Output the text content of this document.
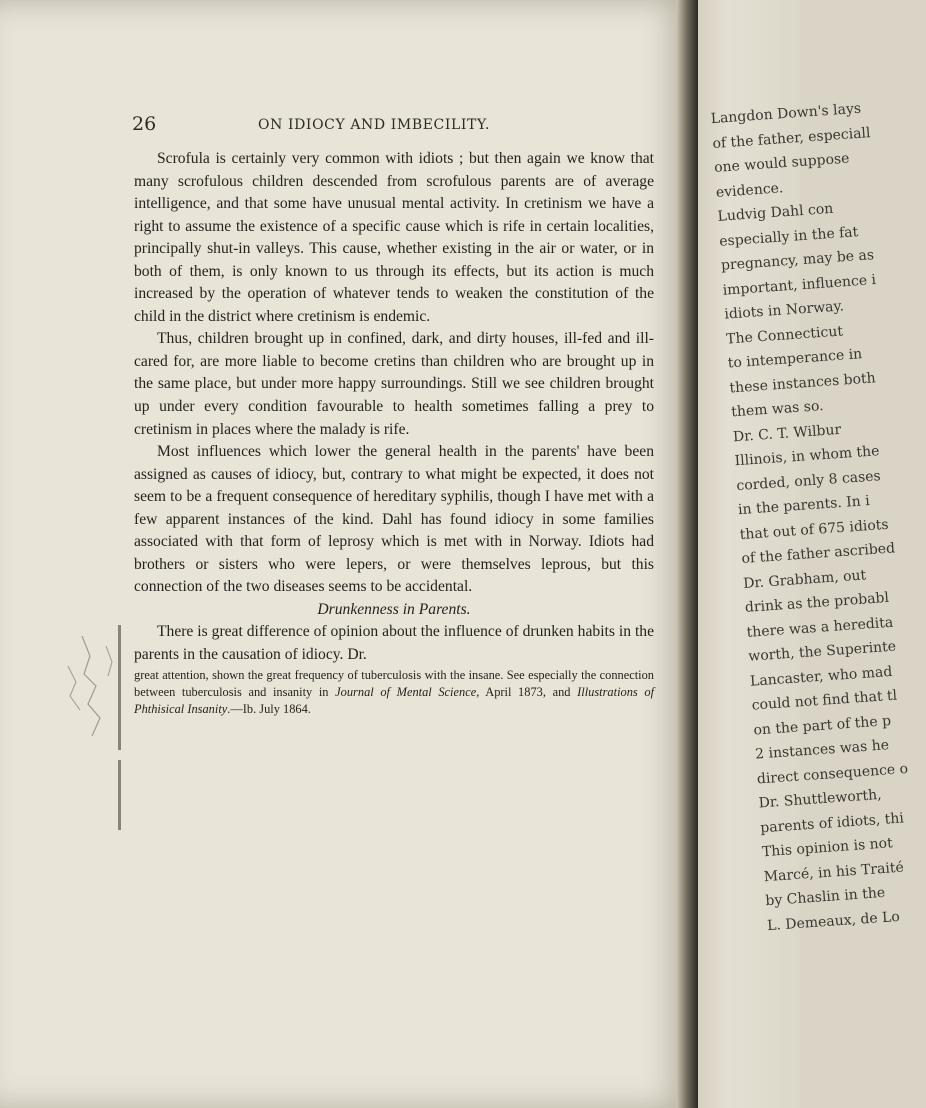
26	ON IDIOCY AND IMBECILITY.

Scrofula is certainly very common with idiots ; but then again we know that many scrofulous children descended from scrofulous parents are of average intelligence, and that some have unusual mental activity. In cretinism we have a right to assume the existence of a specific cause which is rife in certain localities, principally shut-in valleys. This cause, whether existing in the air or water, or in both of them, is only known to us through its effects, but its action is much increased by the operation of whatever tends to weaken the constitution of the child in the district where cretinism is endemic.

Thus, children brought up in confined, dark, and dirty houses, ill-fed and ill-cared for, are more liable to become cretins than children who are brought up in the same place, but under more happy surroundings. Still we see children brought up under every condition favourable to health sometimes falling a prey to cretinism in places where the malady is rife.

Most influences which lower the general health in the parents' have been assigned as causes of idiocy, but, contrary to what might be expected, it does not seem to be a frequent consequence of hereditary syphilis, though I have met with a few apparent instances of the kind. Dahl has found idiocy in some families associated with that form of leprosy which is met with in Norway. Idiots had brothers or sisters who were lepers, or were themselves leprous, but this connection of the two diseases seems to be accidental.

Drunkenness in Parents.

There is great difference of opinion about the influence of drunken habits in the parents in the causation of idiocy. Dr.

great attention, shown the great frequency of tuberculosis with the insane. See especially the connection between tuberculosis and insanity in Journal of Mental Science, April 1873, and Illustrations of Phthisical Insanity.—Ib. July 1864.

Langdon Down's lays
of the father, especiall
one would suppose
evidence.
Ludvig Dahl con
especially in the fat
pregnancy, may be as
important, influence i
idiots in Norway.
The Connecticut
to intemperance in
these instances both
them was so.
Dr. C. T. Wilbur
Illinois, in whom the
corded, only 8 cases
in the parents. In i
that out of 675 idiots
of the father ascribed
Dr. Grabham, out
drink as the probabl
there was a heredita
worth, the Superinte
Lancaster, who mad
could not find that tl
on the part of the p
2 instances was he
direct consequence o
Dr. Shuttleworth,
parents of idiots, thi
This opinion is not
Marcé, in his Traité
by Chaslin in the
L. Demeaux, de Lo
